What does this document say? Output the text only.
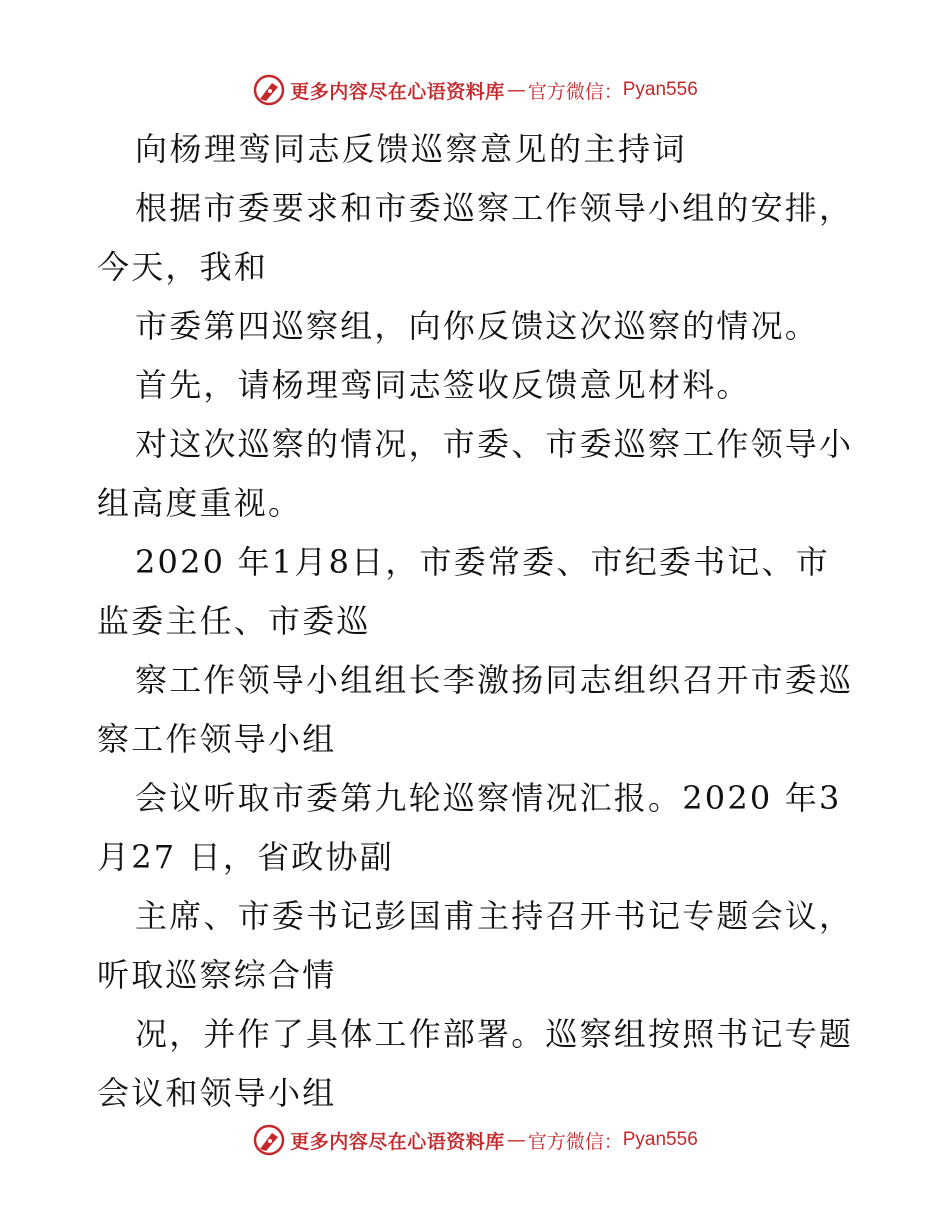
更多内容尽在心语资料库 — 官方微信： Pyan556
向杨理鸾同志反馈巡察意见的主持词
根据市委要求和市委巡察工作领导小组的安排，
今天，我和
市委第四巡察组，向你反馈这次巡察的情况。
首先，请杨理鸾同志签收反馈意见材料。
对这次巡察的情况，市委、市委巡察工作领导小
组高度重视。
2020 年1月8日，市委常委、市纪委书记、市
监委主任、市委巡
察工作领导小组组长李激扬同志组织召开市委巡
察工作领导小组
会议听取市委第九轮巡察情况汇报。2020 年3
月27 日，省政协副
主席、市委书记彭国甫主持召开书记专题会议，
听取巡察综合情
况，并作了具体工作部署。巡察组按照书记专题
会议和领导小组
更多内容尽在心语资料库 — 官方微信： Pyan556
